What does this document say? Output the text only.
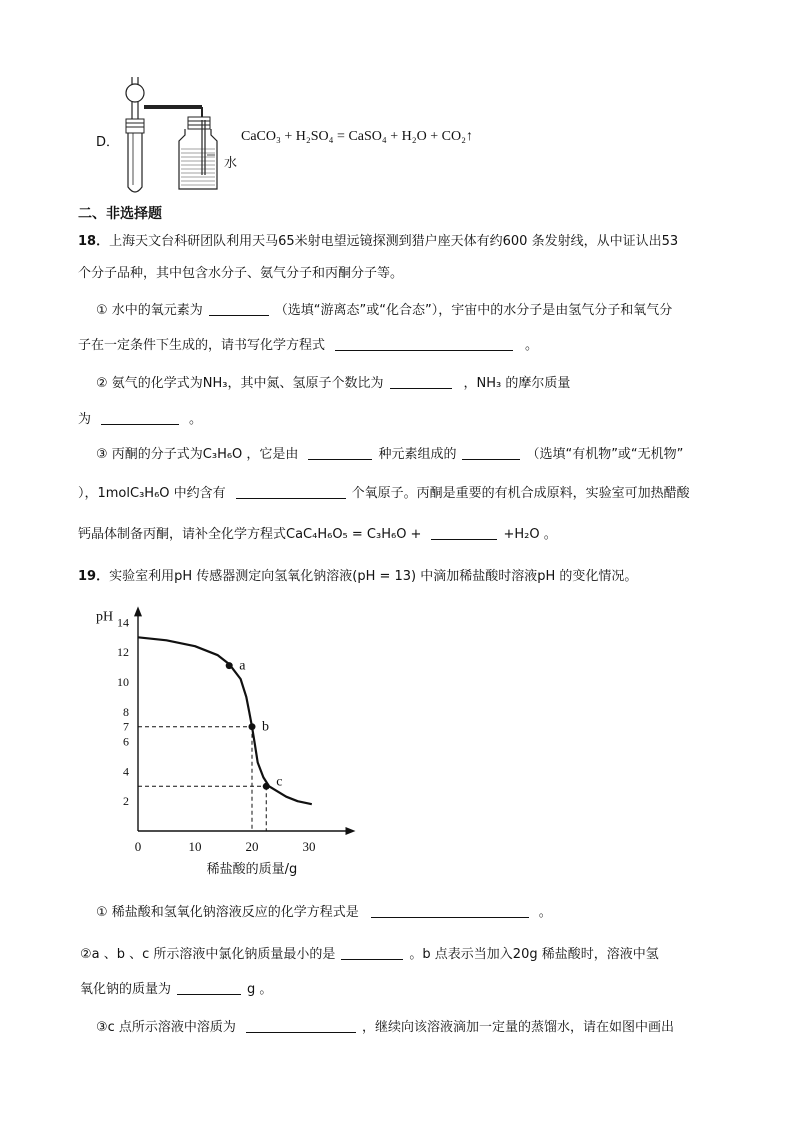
D．	CaCO₃ + H₂SO₄ = CaSO₄ + H₂O + CO₂↑
水
二、非选择题
18．上海天文台科研团队利用天马65米射电望远镜探测到猎户座天体有约600 条发射线，从中证认出53
个分子品种，其中包含水分子、氨气分子和丙酮分子等。
① 水中的氧元素为	（选填“游离态”或“化合态”），宇宙中的水分子是由氢气分子和氧气分
子在一定条件下生成的，请书写化学方程式	。
② 氨气的化学式为NH₃，其中氮、氢原子个数比为	，NH₃ 的摩尔质量
为	。
③ 丙酮的分子式为C₃H₆O ，它是由	种元素组成的	（选填“有机物”或“无机物”
），1molC₃H₆O 中约含有	个氧原子。丙酮是重要的有机合成原料，实验室可加热醋酸
钙晶体制备丙酮，请补全化学方程式CaC₄H₆O₅ = C₃H₆O +	+H₂O 。
19．实验室利用pH 传感器测定向氢氧化钠溶液(pH = 13) 中滴加稀盐酸时溶液pH 的变化情况。
pH
2
4
6
7
8
10
12
14
0	10	20	30
稀盐酸的质量/g
a
b
c
① 稀盐酸和氢氧化钠溶液反应的化学方程式是	。
②a 、b 、c 所示溶液中氯化钠质量最小的是	。b 点表示当加入20g 稀盐酸时，溶液中氢
氧化钠的质量为	g 。
③c 点所示溶液中溶质为	，继续向该溶液滴加一定量的蒸馏水，请在如图中画出
